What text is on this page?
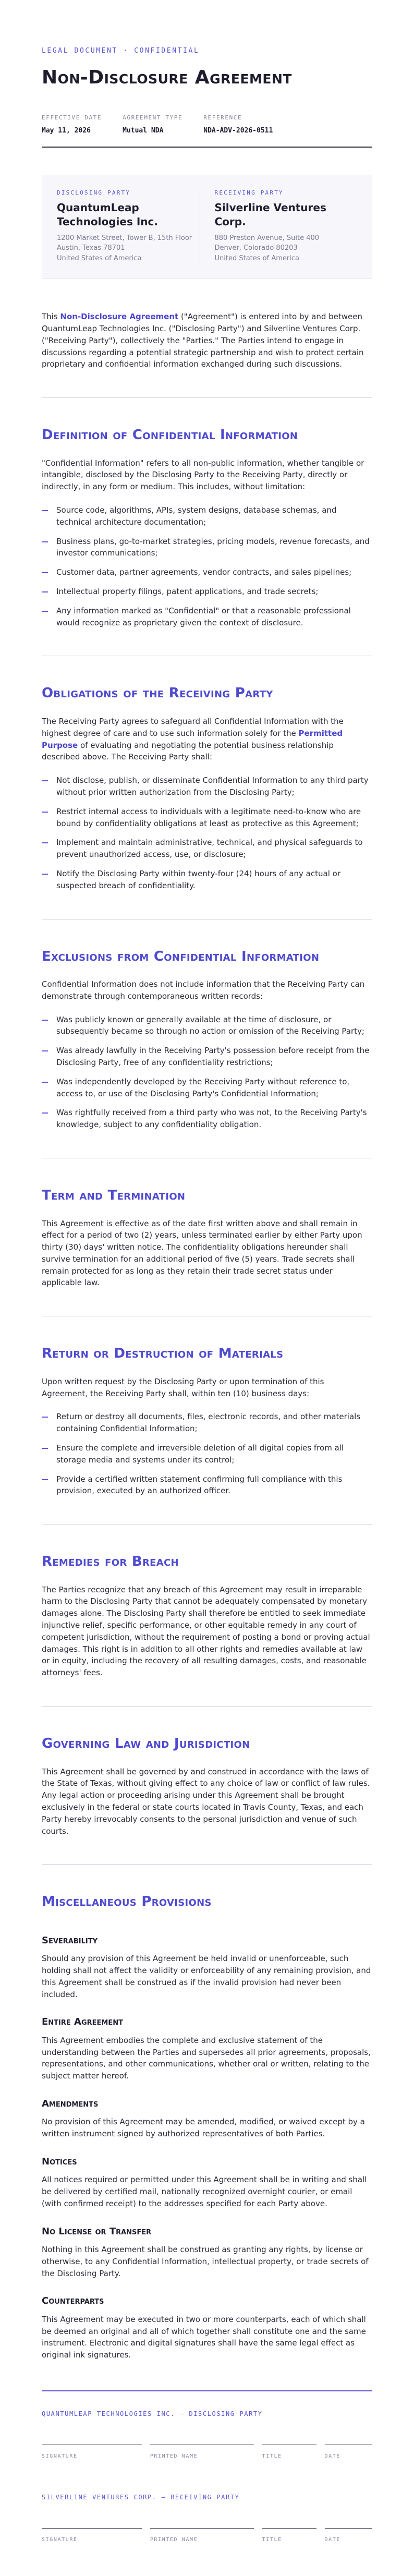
LEGAL DOCUMENT · CONFIDENTIAL
Non-Disclosure Agreement
EFFECTIVE DATE
May 11, 2026
AGREEMENT TYPE
Mutual NDA
REFERENCE
NDA-ADV-2026-0511
DISCLOSING PARTY
QuantumLeap Technologies Inc.
1200 Market Street, Tower B, 15th Floor
Austin, Texas 78701
United States of America
RECEIVING PARTY
Silverline Ventures Corp.
880 Preston Avenue, Suite 400
Denver, Colorado 80203
United States of America

This Non-Disclosure Agreement ("Agreement") is entered into by and between QuantumLeap Technologies Inc. ("Disclosing Party") and Silverline Ventures Corp. ("Receiving Party"), collectively the "Parties." The Parties intend to engage in discussions regarding a potential strategic partnership and wish to protect certain proprietary and confidential information exchanged during such discussions.

Definition of Confidential Information

"Confidential Information" refers to all non-public information, whether tangible or intangible, disclosed by the Disclosing Party to the Receiving Party, directly or indirectly, in any form or medium. This includes, without limitation:

Source code, algorithms, APIs, system designs, database schemas, and technical architecture documentation;
Business plans, go-to-market strategies, pricing models, revenue forecasts, and investor communications;
Customer data, partner agreements, vendor contracts, and sales pipelines;
Intellectual property filings, patent applications, and trade secrets;
Any information marked as "Confidential" or that a reasonable professional would recognize as proprietary given the context of disclosure.
Obligations of the Receiving Party

The Receiving Party agrees to safeguard all Confidential Information with the highest degree of care and to use such information solely for the Permitted Purpose of evaluating and negotiating the potential business relationship described above. The Receiving Party shall:

Not disclose, publish, or disseminate Confidential Information to any third party without prior written authorization from the Disclosing Party;
Restrict internal access to individuals with a legitimate need-to-know who are bound by confidentiality obligations at least as protective as this Agreement;
Implement and maintain administrative, technical, and physical safeguards to prevent unauthorized access, use, or disclosure;
Notify the Disclosing Party within twenty-four (24) hours of any actual or suspected breach of confidentiality.
Exclusions from Confidential Information

Confidential Information does not include information that the Receiving Party can demonstrate through contemporaneous written records:

Was publicly known or generally available at the time of disclosure, or subsequently became so through no action or omission of the Receiving Party;
Was already lawfully in the Receiving Party's possession before receipt from the Disclosing Party, free of any confidentiality restrictions;
Was independently developed by the Receiving Party without reference to, access to, or use of the Disclosing Party's Confidential Information;
Was rightfully received from a third party who was not, to the Receiving Party's knowledge, subject to any confidentiality obligation.
Term and Termination

This Agreement is effective as of the date first written above and shall remain in effect for a period of two (2) years, unless terminated earlier by either Party upon thirty (30) days' written notice. The confidentiality obligations hereunder shall survive termination for an additional period of five (5) years. Trade secrets shall remain protected for as long as they retain their trade secret status under applicable law.

Return or Destruction of Materials

Upon written request by the Disclosing Party or upon termination of this Agreement, the Receiving Party shall, within ten (10) business days:

Return or destroy all documents, files, electronic records, and other materials containing Confidential Information;
Ensure the complete and irreversible deletion of all digital copies from all storage media and systems under its control;
Provide a certified written statement confirming full compliance with this provision, executed by an authorized officer.
Remedies for Breach

The Parties recognize that any breach of this Agreement may result in irreparable harm to the Disclosing Party that cannot be adequately compensated by monetary damages alone. The Disclosing Party shall therefore be entitled to seek immediate injunctive relief, specific performance, or other equitable remedy in any court of competent jurisdiction, without the requirement of posting a bond or proving actual damages. This right is in addition to all other rights and remedies available at law or in equity, including the recovery of all resulting damages, costs, and reasonable attorneys' fees.

Governing Law and Jurisdiction

This Agreement shall be governed by and construed in accordance with the laws of the State of Texas, without giving effect to any choice of law or conflict of law rules. Any legal action or proceeding arising under this Agreement shall be brought exclusively in the federal or state courts located in Travis County, Texas, and each Party hereby irrevocably consents to the personal jurisdiction and venue of such courts.

Miscellaneous Provisions
Severability

Should any provision of this Agreement be held invalid or unenforceable, such holding shall not affect the validity or enforceability of any remaining provision, and this Agreement shall be construed as if the invalid provision had never been included.

Entire Agreement

This Agreement embodies the complete and exclusive statement of the understanding between the Parties and supersedes all prior agreements, proposals, representations, and other communications, whether oral or written, relating to the subject matter hereof.

Amendments

No provision of this Agreement may be amended, modified, or waived except by a written instrument signed by authorized representatives of both Parties.

Notices

All notices required or permitted under this Agreement shall be in writing and shall be delivered by certified mail, nationally recognized overnight courier, or email (with confirmed receipt) to the addresses specified for each Party above.

No License or Transfer

Nothing in this Agreement shall be construed as granting any rights, by license or otherwise, to any Confidential Information, intellectual property, or trade secrets of the Disclosing Party.

Counterparts

This Agreement may be executed in two or more counterparts, each of which shall be deemed an original and all of which together shall constitute one and the same instrument. Electronic and digital signatures shall have the same legal effect as original ink signatures.

QUANTUMLEAP TECHNOLOGIES INC. — DISCLOSING PARTY
SIGNATURE	PRINTED NAME	TITLE	DATE
SILVERLINE VENTURES CORP. — RECEIVING PARTY
SIGNATURE	PRINTED NAME	TITLE	DATE
